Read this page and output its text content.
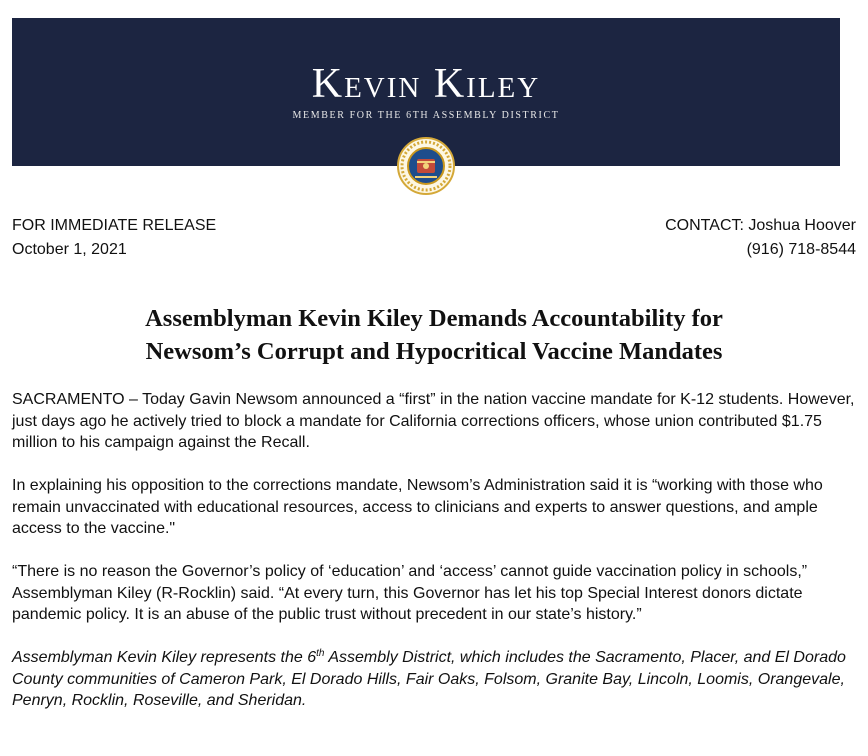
Kevin Kiley
MEMBER FOR THE 6TH ASSEMBLY DISTRICT
FOR IMMEDIATE RELEASE
October 1, 2021
CONTACT: Joshua Hoover
(916) 718-8544
Assemblyman Kevin Kiley Demands Accountability for
Newsom’s Corrupt and Hypocritical Vaccine Mandates

SACRAMENTO – Today Gavin Newsom announced a “first” in the nation vaccine mandate for K-12 students. However, just days ago he actively tried to block a mandate for California corrections officers, whose union contributed $1.75 million to his campaign against the Recall.

In explaining his opposition to the corrections mandate, Newsom’s Administration said it is “working with those who remain unvaccinated with educational resources, access to clinicians and experts to answer questions, and ample access to the vaccine."

“There is no reason the Governor’s policy of ‘education’ and ‘access’ cannot guide vaccination policy in schools,” Assemblyman Kiley (R-Rocklin) said. “At every turn, this Governor has let his top Special Interest donors dictate pandemic policy. It is an abuse of the public trust without precedent in our state’s history.”

Assemblyman Kevin Kiley represents the 6th Assembly District, which includes the Sacramento, Placer, and El Dorado County communities of Cameron Park, El Dorado Hills, Fair Oaks, Folsom, Granite Bay, Lincoln, Loomis, Orangevale, Penryn, Rocklin, Roseville, and Sheridan.
